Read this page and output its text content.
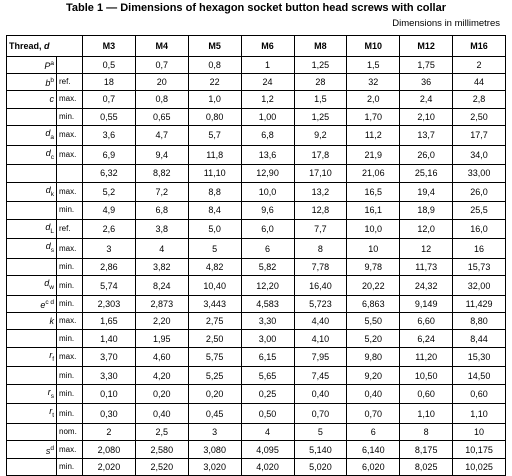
Table 1 — Dimensions of hexagon socket button head screws with collar
Dimensions in millimetres
Thread, d		M3	M4	M5	M6	M8	M10	M12	M16
$P^a$		0,5	0,7	0,8	1	1,25	1,5	1,75	2
$b^b$	ref.	18	20	22	24	28	32	36	44
c	max.	0,7	0,8	1,0	1,2	1,5	2,0	2,4	2,8
	min.	0,55	0,65	0,80	1,00	1,25	1,70	2,10	2,50
$d_a$	max.	3,6	4,7	5,7	6,8	9,2	11,2	13,7	17,7
$d_c$	max.	6,9	9,4	11,8	13,6	17,8	21,9	26,0	34,0
		6,32	8,82	11,10	12,90	17,10	21,06	25,16	33,00
$d_k$	max.	5,2	7,2	8,8	10,0	13,2	16,5	19,4	26,0
	min.	4,9	6,8	8,4	9,6	12,8	16,1	18,9	25,5
$d_L$	ref.	2,6	3,8	5,0	6,0	7,7	10,0	12,0	16,0
$d_s$	max.	3	4	5	6	8	10	12	16
	min.	2,86	3,82	4,82	5,82	7,78	9,78	11,73	15,73
$d_w$	min.	5,74	8,24	10,40	12,20	16,40	20,22	24,32	32,00
$e^{c d}$	min.	2,303	2,873	3,443	4,583	5,723	6,863	9,149	11,429
k	max.	1,65	2,20	2,75	3,30	4,40	5,50	6,60	8,80
	min.	1,40	1,95	2,50	3,00	4,10	5,20	6,24	8,44
$r_f$	max.	3,70	4,60	5,75	6,15	7,95	9,80	11,20	15,30
	min.	3,30	4,20	5,25	5,65	7,45	9,20	10,50	14,50
$r_s$	min.	0,10	0,20	0,20	0,25	0,40	0,40	0,60	0,60
$r_t$	min.	0,30	0,40	0,45	0,50	0,70	0,70	1,10	1,10
	nom.	2	2,5	3	4	5	6	8	10
$s^d$	max.	2,080	2,580	3,080	4,095	5,140	6,140	8,175	10,175
	min.	2,020	2,520	3,020	4,020	5,020	6,020	8,025	10,025
